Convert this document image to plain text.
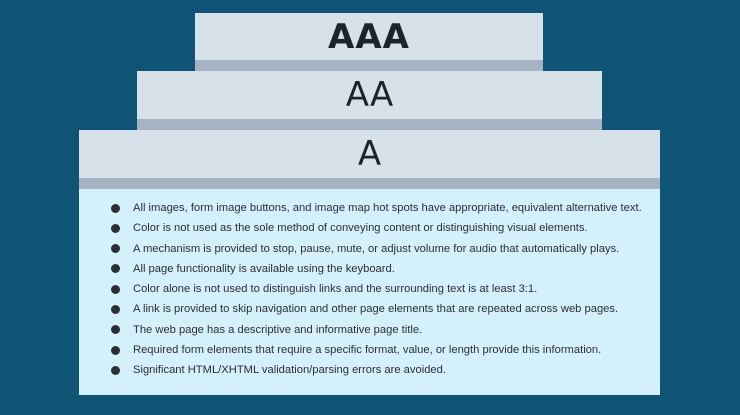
AAA
AA
A
All images, form image buttons, and image map hot spots have appropriate, equivalent alternative text.
Color is not used as the sole method of conveying content or distinguishing visual elements.
A mechanism is provided to stop, pause, mute, or adjust volume for audio that automatically plays.
All page functionality is available using the keyboard.
Color alone is not used to distinguish links and the surrounding text is at least 3:1.
A link is provided to skip navigation and other page elements that are repeated across web pages.
The web page has a descriptive and informative page title.
Required form elements that require a specific format, value, or length provide this information.
Significant HTML/XHTML validation/parsing errors are avoided.
